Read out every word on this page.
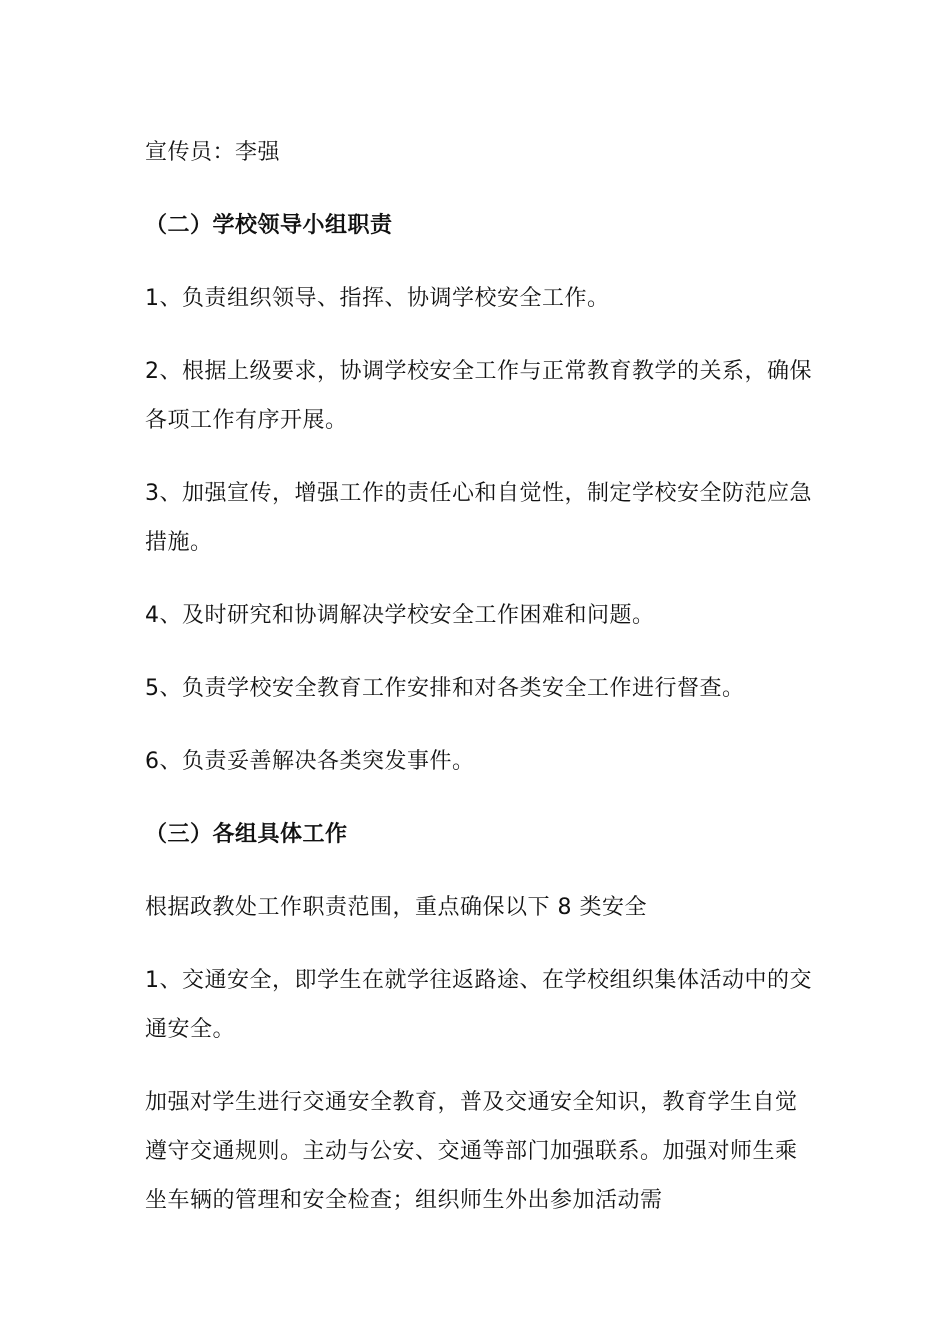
宣传员：李强

（二）学校领导小组职责

1、负责组织领导、指挥、协调学校安全工作。

2、根据上级要求，协调学校安全工作与正常教育教学的关系，确保各项工作有序开展。

3、加强宣传，增强工作的责任心和自觉性，制定学校安全防范应急措施。

4、及时研究和协调解决学校安全工作困难和问题。

5、负责学校安全教育工作安排和对各类安全工作进行督查。

6、负责妥善解决各类突发事件。

（三）各组具体工作

根据政教处工作职责范围，重点确保以下 8 类安全

1、交通安全，即学生在就学往返路途、在学校组织集体活动中的交通安全。

加强对学生进行交通安全教育，普及交通安全知识，教育学生自觉遵守交通规则。主动与公安、交通等部门加强联系。加强对师生乘坐车辆的管理和安全检查；组织师生外出参加活动需
